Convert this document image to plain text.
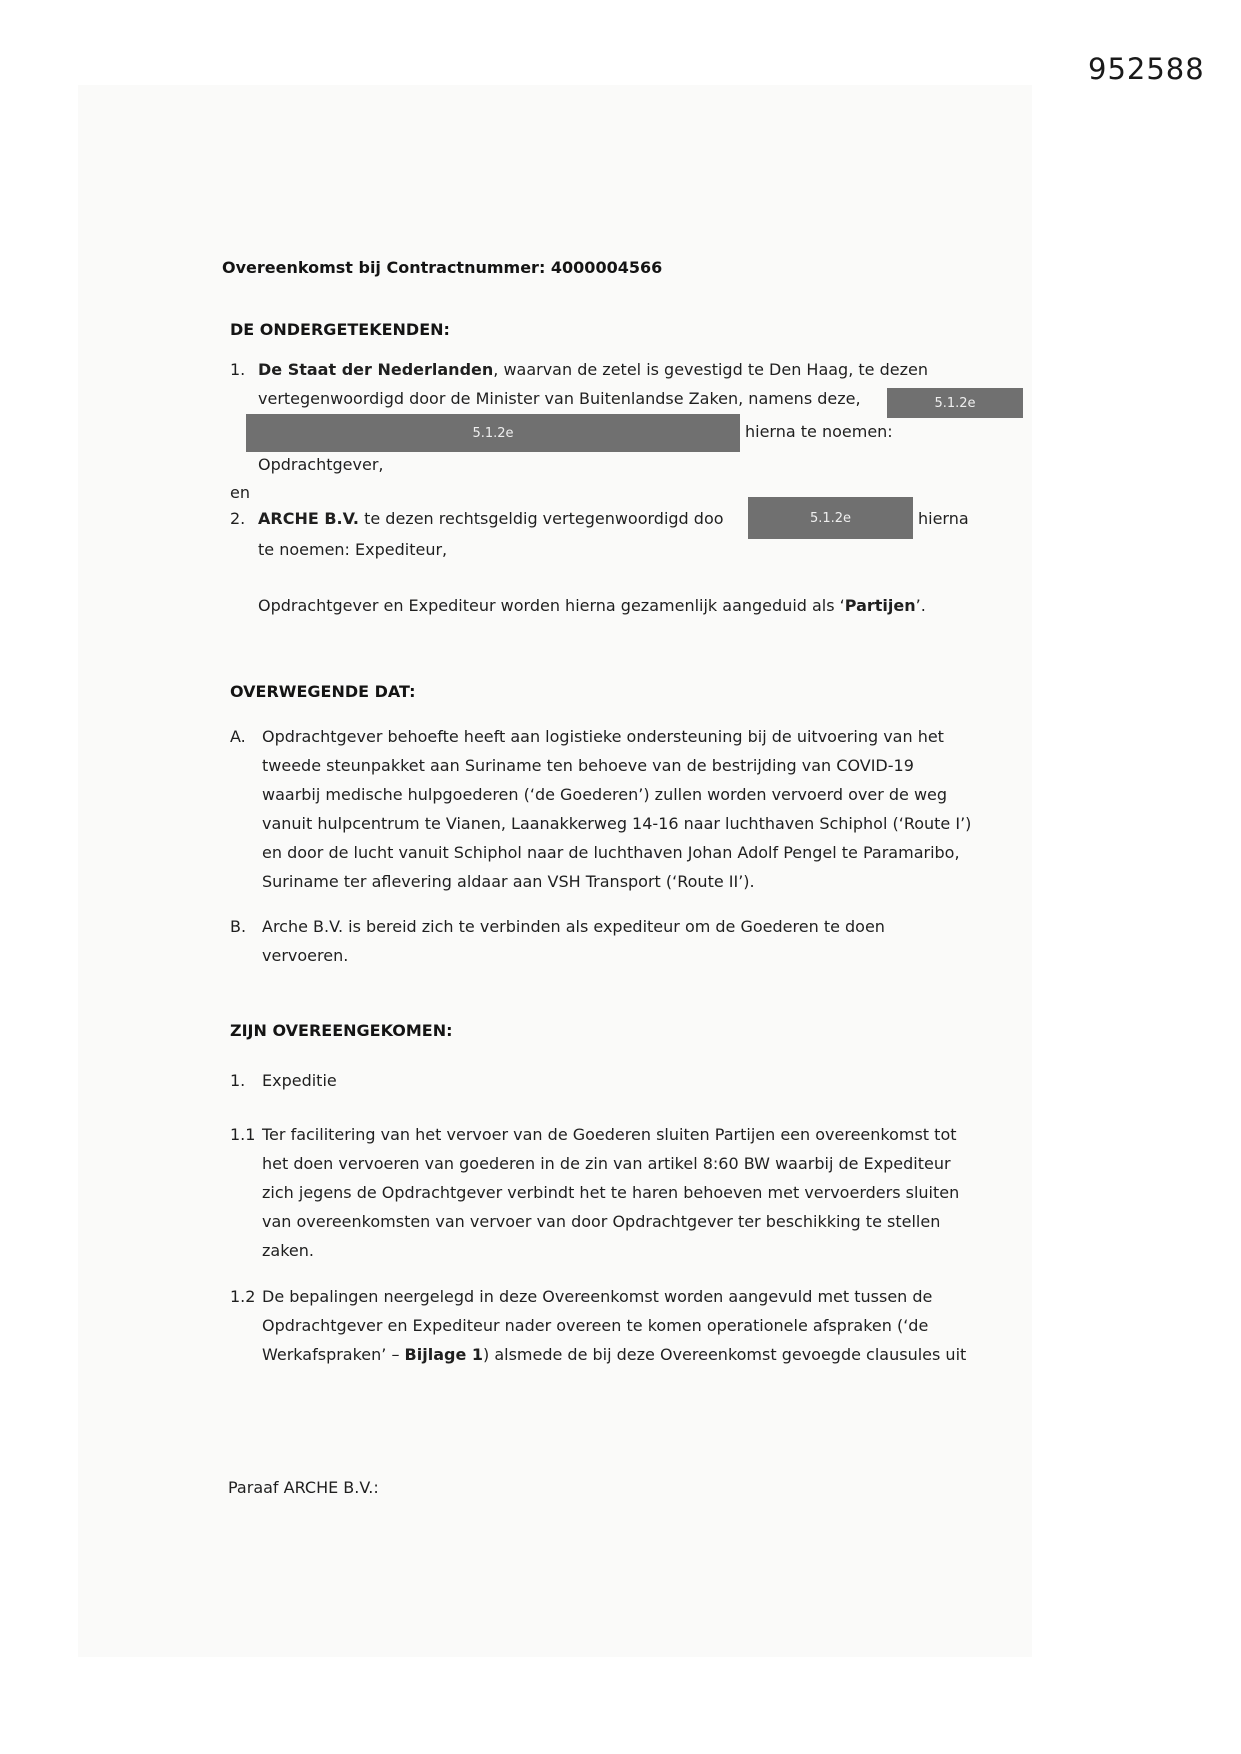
952588
Overeenkomst bij Contractnummer: 4000004566
DE ONDERGETEKENDEN:
1. De Staat der Nederlanden, waarvan de zetel is gevestigd te Den Haag, te dezen
vertegenwoordigd door de Minister van Buitenlandse Zaken, namens deze,	5.1.2e
5.1.2e	hierna te noemen:
Opdrachtgever,
en
2. ARCHE B.V. te dezen rechtsgeldig vertegenwoordigd doo	5.1.2e	hierna
te noemen: Expediteur,
Opdrachtgever en Expediteur worden hierna gezamenlijk aangeduid als ‘Partijen’.
OVERWEGENDE DAT:
A. Opdrachtgever behoefte heeft aan logistieke ondersteuning bij de uitvoering van het
tweede steunpakket aan Suriname ten behoeve van de bestrijding van COVID-19
waarbij medische hulpgoederen (‘de Goederen’) zullen worden vervoerd over de weg
vanuit hulpcentrum te Vianen, Laanakkerweg 14-16 naar luchthaven Schiphol (‘Route I’)
en door de lucht vanuit Schiphol naar de luchthaven Johan Adolf Pengel te Paramaribo,
Suriname ter aflevering aldaar aan VSH Transport (‘Route II’).
B. Arche B.V. is bereid zich te verbinden als expediteur om de Goederen te doen
vervoeren.
ZIJN OVEREENGEKOMEN:
1. Expeditie
1.1 Ter facilitering van het vervoer van de Goederen sluiten Partijen een overeenkomst tot
het doen vervoeren van goederen in de zin van artikel 8:60 BW waarbij de Expediteur
zich jegens de Opdrachtgever verbindt het te haren behoeven met vervoerders sluiten
van overeenkomsten van vervoer van door Opdrachtgever ter beschikking te stellen
zaken.
1.2 De bepalingen neergelegd in deze Overeenkomst worden aangevuld met tussen de
Opdrachtgever en Expediteur nader overeen te komen operationele afspraken (‘de
Werkafspraken’ – Bijlage 1) alsmede de bij deze Overeenkomst gevoegde clausules uit
Paraaf ARCHE B.V.:
